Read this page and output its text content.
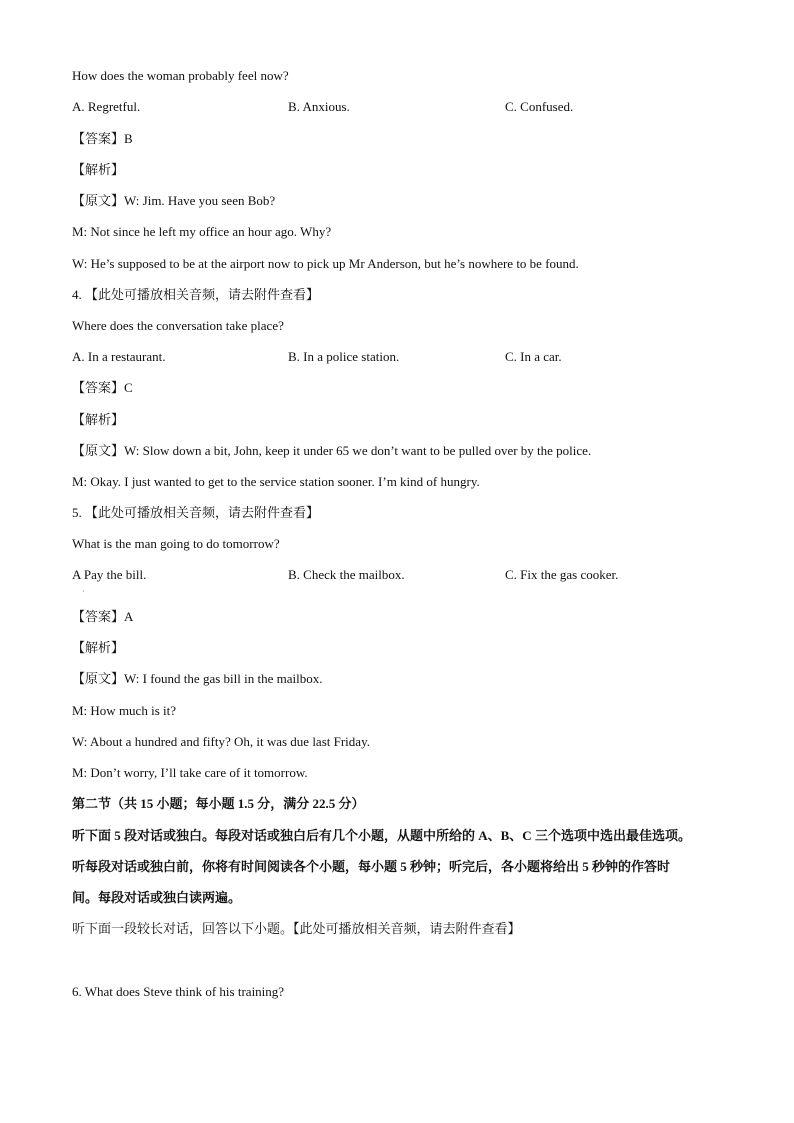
How does the woman probably feel now?
A. Regretful.	B. Anxious.	C. Confused.
【答案】B
【解析】
【原文】W: Jim. Have you seen Bob?
M: Not since he left my office an hour ago. Why?
W: He’s supposed to be at the airport now to pick up Mr Anderson, but he’s nowhere to be found.
4. 【此处可播放相关音频，请去附件查看】
Where does the conversation take place?
A. In a restaurant.	B. In a police station.	C. In a car.
【答案】C
【解析】
【原文】W: Slow down a bit, John, keep it under 65 we don’t want to be pulled over by the police.
M: Okay. I just wanted to get to the service station sooner. I’m kind of hungry.
5. 【此处可播放相关音频，请去附件查看】
What is the man going to do tomorrow?
A Pay the bill.	B. Check the mailbox.	C. Fix the gas cooker.
·
【答案】A
【解析】
【原文】W: I found the gas bill in the mailbox.
M: How much is it?
W: About a hundred and fifty? Oh, it was due last Friday.
M: Don’t worry, I’ll take care of it tomorrow.
第二节（共 15 小题；每小题 1.5 分，满分 22.5 分）
听下面 5 段对话或独白。每段对话或独白后有几个小题，从题中所给的 A、B、C 三个选项中选出最佳选项。
听每段对话或独白前，你将有时间阅读各个小题，每小题 5 秒钟；听完后，各小题将给出 5 秒钟的作答时
间。每段对话或独白读两遍。
听下面一段较长对话，回答以下小题。【此处可播放相关音频，请去附件查看】
6. What does Steve think of his training?
